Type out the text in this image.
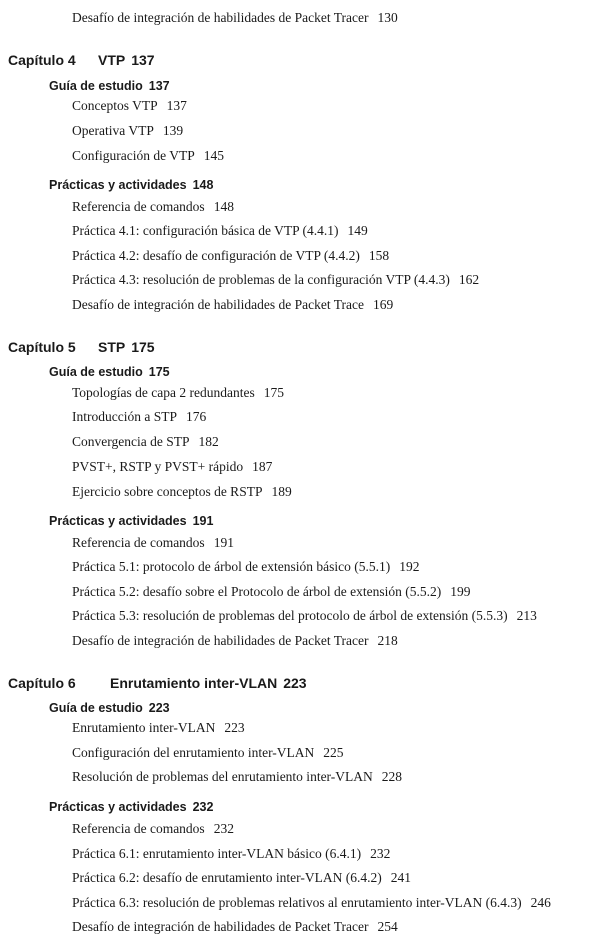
Desafío de integración de habilidades de Packet Tracer 130
Capítulo 4 VTP 137
Guía de estudio 137
Conceptos VTP 137
Operativa VTP 139
Configuración de VTP 145
Prácticas y actividades 148
Referencia de comandos 148
Práctica 4.1: configuración básica de VTP (4.4.1) 149
Práctica 4.2: desafío de configuración de VTP (4.4.2) 158
Práctica 4.3: resolución de problemas de la configuración VTP (4.4.3) 162
Desafío de integración de habilidades de Packet Trace 169
Capítulo 5 STP 175
Guía de estudio 175
Topologías de capa 2 redundantes 175
Introducción a STP 176
Convergencia de STP 182
PVST+, RSTP y PVST+ rápido 187
Ejercicio sobre conceptos de RSTP 189
Prácticas y actividades 191
Referencia de comandos 191
Práctica 5.1: protocolo de árbol de extensión básico (5.5.1) 192
Práctica 5.2: desafío sobre el Protocolo de árbol de extensión (5.5.2) 199
Práctica 5.3: resolución de problemas del protocolo de árbol de extensión (5.5.3) 213
Desafío de integración de habilidades de Packet Tracer 218
Capítulo 6 Enrutamiento inter-VLAN 223
Guía de estudio 223
Enrutamiento inter-VLAN 223
Configuración del enrutamiento inter-VLAN 225
Resolución de problemas del enrutamiento inter-VLAN 228
Prácticas y actividades 232
Referencia de comandos 232
Práctica 6.1: enrutamiento inter-VLAN básico (6.4.1) 232
Práctica 6.2: desafío de enrutamiento inter-VLAN (6.4.2) 241
Práctica 6.3: resolución de problemas relativos al enrutamiento inter-VLAN (6.4.3) 246
Desafío de integración de habilidades de Packet Tracer 254
